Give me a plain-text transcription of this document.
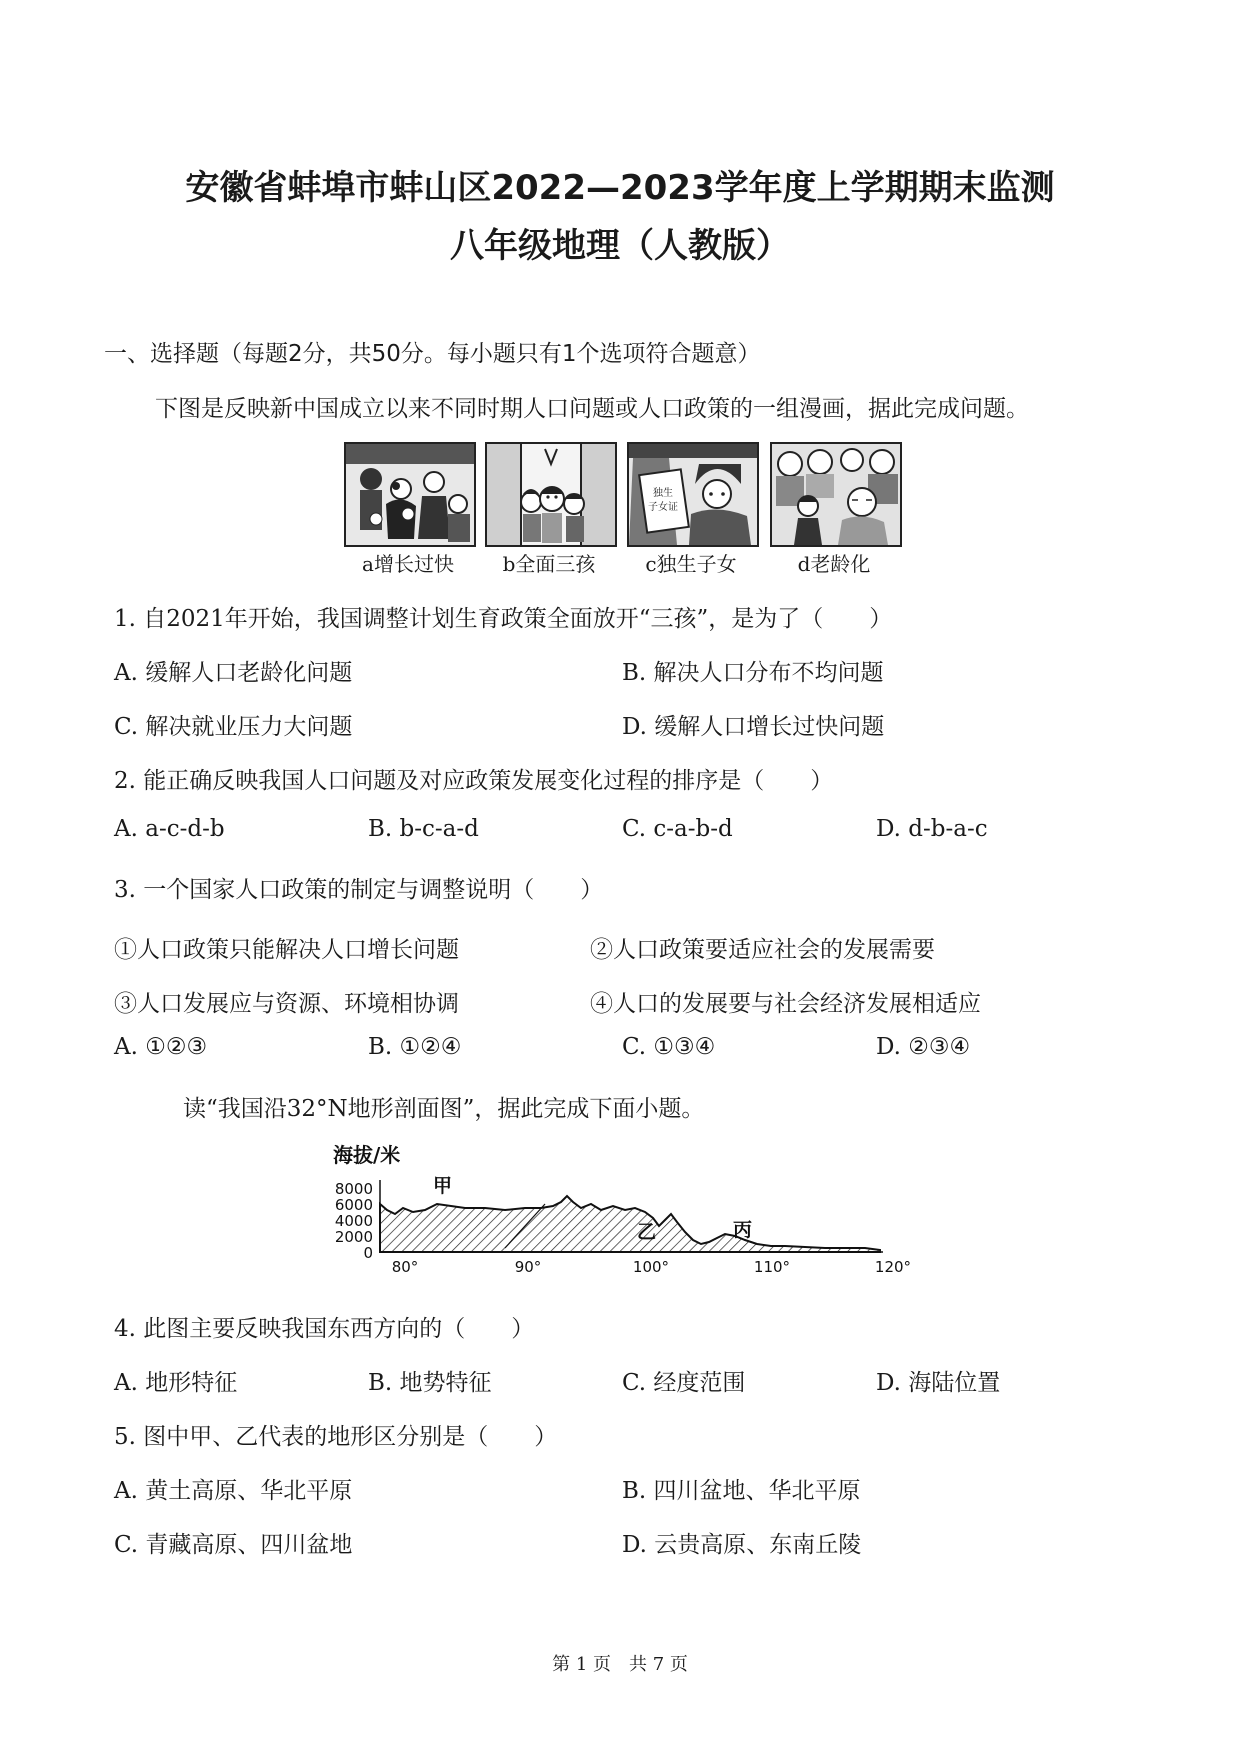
安徽省蚌埠市蚌山区2022—2023学年度上学期期末监测
八年级地理（人教版）
一、选择题（每题2分，共50分。每小题只有1个选项符合题意）
下图是反映新中国成立以来不同时期人口问题或人口政策的一组漫画，据此完成问题。
独生
子女证
a增长过快	b全面三孩	c独生子女	d老龄化
1. 自2021年开始，我国调整计划生育政策全面放开“三孩”，是为了（　　）
A. 缓解人口老龄化问题	B. 解决人口分布不均问题
C. 解决就业压力大问题	D. 缓解人口增长过快问题
2. 能正确反映我国人口问题及对应政策发展变化过程的排序是（　　）
A. a-c-d-b	B. b-c-a-d	C. c-a-b-d	D. d-b-a-c
3. 一个国家人口政策的制定与调整说明（　　）
①人口政策只能解决人口增长问题	②人口政策要适应社会的发展需要
③人口发展应与资源、环境相协调	④人口的发展要与社会经济发展相适应
A. ①②③	B. ①②④	C. ①③④	D. ②③④
读“我国沿32°N地形剖面图”，据此完成下面小题。
海拔/米
8000
6000
4000
2000
0
甲
乙	丙
80°	90°	100°	110°	120°
4. 此图主要反映我国东西方向的（　　）
A. 地形特征	B. 地势特征	C. 经度范围	D. 海陆位置
5. 图中甲、乙代表的地形区分别是（　　）
A. 黄土高原、华北平原	B. 四川盆地、华北平原
C. 青藏高原、四川盆地	D. 云贵高原、东南丘陵
第 1 页　共 7 页
